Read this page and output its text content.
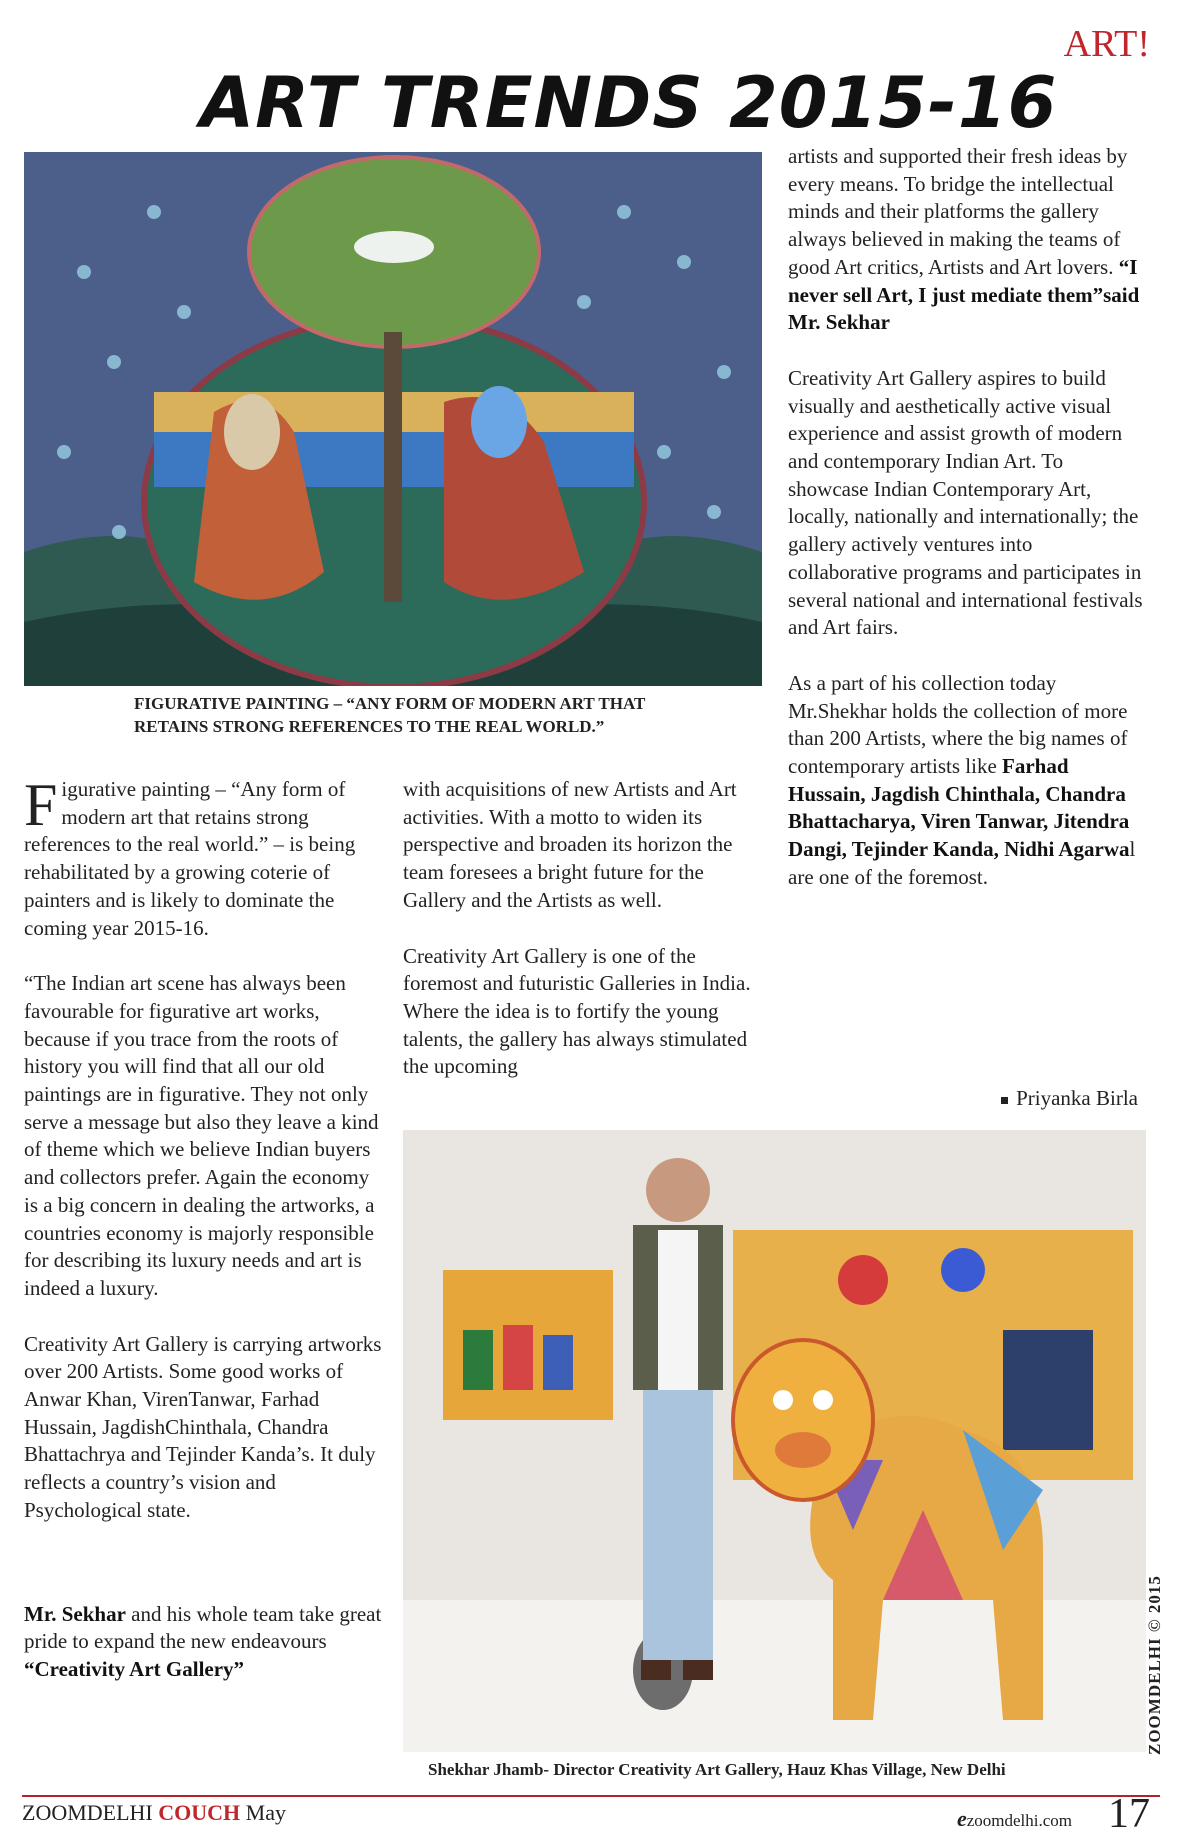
ART!
ART TRENDS 2015-16
FIGURATIVE PAINTING – “ANY FORM OF MODERN ART THAT
RETAINS STRONG REFERENCES TO THE REAL WORLD.”

Figurative painting – “Any form of modern art that retains strong references to the real world.” – is being rehabilitated by a growing coterie of painters and is likely to dominate the coming year 2015-16.

“The Indian art scene has always been favourable for figurative art works, because if you trace from the roots of history you will find that all our old paintings are in figurative. They not only serve a message but also they leave a kind of theme which we believe Indian buyers and collectors prefer. Again the economy is a big concern in dealing the artworks, a countries economy is majorly responsible for describing its luxury needs and art is indeed a luxury.

Creativity Art Gallery is carrying artworks over 200 Artists. Some good works of Anwar Khan, VirenTanwar, Farhad Hussain, JagdishChinthala, Chandra Bhattachrya and Tejinder Kanda’s. It duly reflects a country’s vision and Psychological state.

Mr. Sekhar and his whole team take great pride to expand the new endeavours “Creativity Art Gallery”

with acquisitions of new Artists and Art activities. With a motto to widen its perspective and broaden its horizon the team foresees a bright future for the Gallery and the Artists as well.

Creativity Art Gallery is one of the foremost and futuristic Galleries in India. Where the idea is to fortify the young talents, the gallery has always stimulated the upcoming

artists and supported their fresh ideas by every means. To bridge the intellectual minds and their platforms the gallery always believed in making the teams of good Art critics, Artists and Art lovers. “I never sell Art, I just mediate them”said Mr. Sekhar

Creativity Art Gallery aspires to build visually and aesthetically active visual experience and assist growth of modern and contemporary Indian Art. To showcase Indian Contemporary Art, locally, nationally and internationally; the gallery actively ventures into collaborative programs and participates in several national and international festivals and Art fairs.

As a part of his collection today Mr.Shekhar holds the collection of more than 200 Artists, where the big names of contemporary artists like Farhad Hussain, Jagdish Chinthala, Chandra Bhattacharya, Viren Tanwar, Jitendra Dangi, Tejinder Kanda, Nidhi Agarwal are one of the foremost.

Priyanka Birla
Shekhar Jhamb- Director Creativity Art Gallery, Hauz Khas Village, New Delhi
ZOOMDELHI © 2015
ZOOMDELHI COUCH May	ezoomdelhi.com 17
